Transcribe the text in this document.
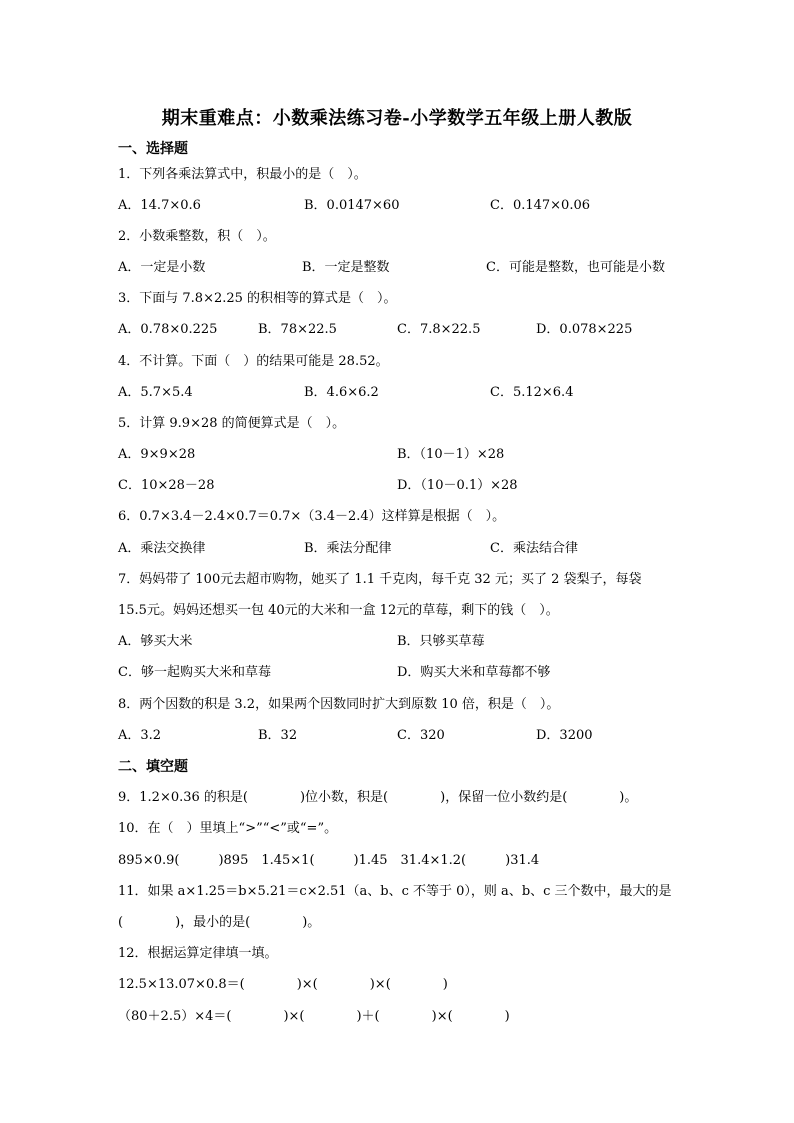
期末重难点：小数乘法练习卷-小学数学五年级上册人教版
一、选择题
1．下列各乘法算式中，积最小的是（　）。
A．14.7×0.6	B．0.0147×60	C．0.147×0.06
2．小数乘整数，积（　）。
A．一定是小数	B．一定是整数	C．可能是整数，也可能是小数
3．下面与 7.8×2.25 的积相等的算式是（　）。
A．0.78×0.225	B．78×22.5	C．7.8×22.5	D．0.078×225
4．不计算。下面（　）的结果可能是 28.52。
A．5.7×5.4	B．4.6×6.2	C．5.12×6.4
5．计算 9.9×28 的简便算式是（　）。
A．9×9×28	B．（10－1）×28
C．10×28－28	D．（10－0.1）×28
6．0.7×3.4－2.4×0.7＝0.7×（3.4－2.4）这样算是根据（　）。
A．乘法交换律	B．乘法分配律	C．乘法结合律
7．妈妈带了 100元去超市购物，她买了 1.1 千克肉，每千克 32 元；买了 2 袋梨子，每袋
15.5元。妈妈还想买一包 40元的大米和一盒 12元的草莓，剩下的钱（　）。
A．够买大米	B．只够买草莓
C．够一起购买大米和草莓	D．购买大米和草莓都不够
8．两个因数的积是 3.2，如果两个因数同时扩大到原数 10 倍，积是（　）。
A．3.2	B．32	C．320	D．3200
二、填空题
9．1.2×0.36 的积是(　　　　)位小数，积是(　　　　)，保留一位小数约是(　　　　)。
10．在（　）里填上“>”“<”或“=”。
895×0.9(　　　)895　1.45×1(　　　)1.45　31.4×1.2(　　　)31.4
11．如果 a×1.25＝b×5.21＝c×2.51（a、b、c 不等于 0），则 a、b、c 三个数中，最大的是
(　　　　)，最小的是(　　　　)。
12．根据运算定律填一填。
12.5×13.07×0.8＝(　　　　)×(　　　　)×(　　　　)
（80＋2.5）×4＝(　　　　)×(　　　　)＋(　　　　)×(　　　　)
